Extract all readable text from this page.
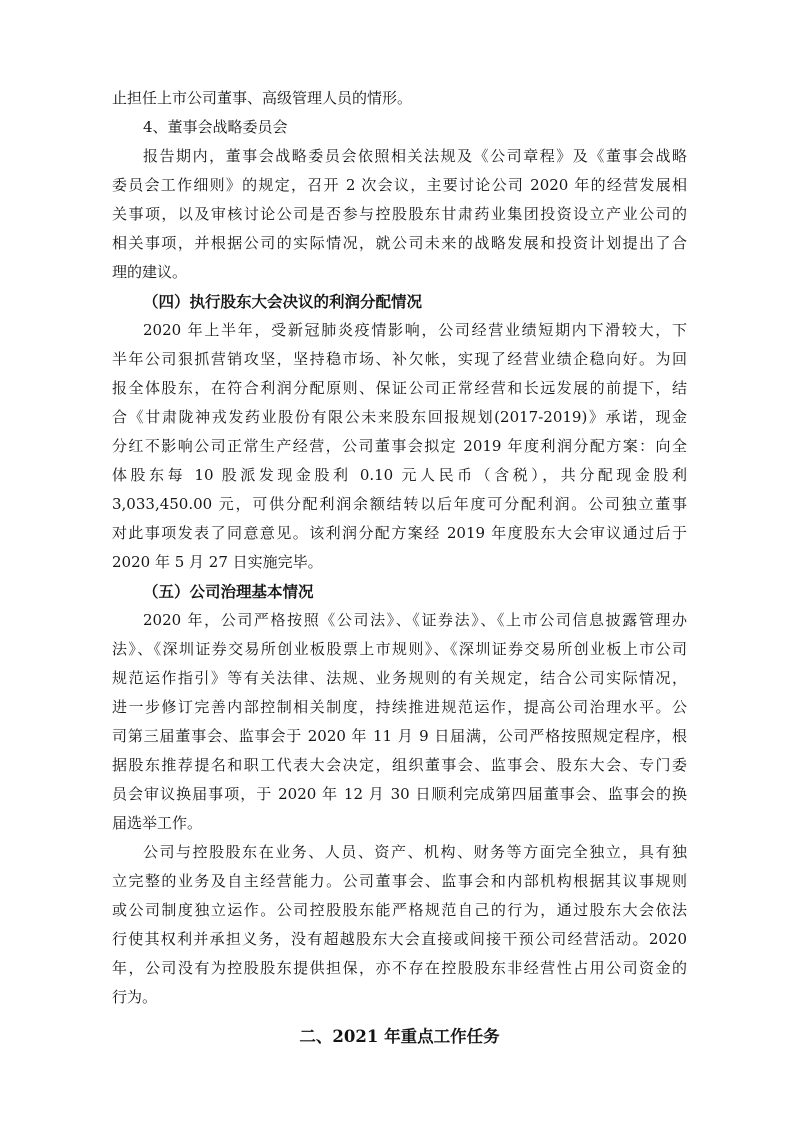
止担任上市公司董事、高级管理人员的情形。
4、董事会战略委员会
报告期内，董事会战略委员会依照相关法规及《公司章程》及《董事会战略
委员会工作细则》的规定，召开 2 次会议，主要讨论公司 2020 年的经营发展相
关事项，以及审核讨论公司是否参与控股股东甘肃药业集团投资设立产业公司的
相关事项，并根据公司的实际情况，就公司未来的战略发展和投资计划提出了合
理的建议。
（四）执行股东大会决议的利润分配情况
2020 年上半年，受新冠肺炎疫情影响，公司经营业绩短期内下滑较大，下
半年公司狠抓营销攻坚，坚持稳市场、补欠帐，实现了经营业绩企稳向好。为回
报全体股东，在符合利润分配原则、保证公司正常经营和长远发展的前提下，结
合《甘肃陇神戎发药业股份有限公未来股东回报规划(2017-2019)》承诺，现金
分红不影响公司正常生产经营，公司董事会拟定 2019 年度利润分配方案：向全
体股东每 10 股派发现金股利 0.10 元人民币（含税），共分配现金股利
3,033,450.00 元，可供分配利润余额结转以后年度可分配利润。公司独立董事
对此事项发表了同意意见。该利润分配方案经 2019 年度股东大会审议通过后于
2020 年 5 月 27 日实施完毕。
（五）公司治理基本情况
2020 年，公司严格按照《公司法》、《证券法》、《上市公司信息披露管理办
法》、《深圳证券交易所创业板股票上市规则》、《深圳证券交易所创业板上市公司
规范运作指引》等有关法律、法规、业务规则的有关规定，结合公司实际情况，
进一步修订完善内部控制相关制度，持续推进规范运作，提高公司治理水平。公
司第三届董事会、监事会于 2020 年 11 月 9 日届满，公司严格按照规定程序，根
据股东推荐提名和职工代表大会决定，组织董事会、监事会、股东大会、专门委
员会审议换届事项，于 2020 年 12 月 30 日顺利完成第四届董事会、监事会的换
届选举工作。
公司与控股股东在业务、人员、资产、机构、财务等方面完全独立，具有独
立完整的业务及自主经营能力。公司董事会、监事会和内部机构根据其议事规则
或公司制度独立运作。公司控股股东能严格规范自己的行为，通过股东大会依法
行使其权利并承担义务，没有超越股东大会直接或间接干预公司经营活动。2020
年，公司没有为控股股东提供担保，亦不存在控股股东非经营性占用公司资金的
行为。
二、2021 年重点工作任务
